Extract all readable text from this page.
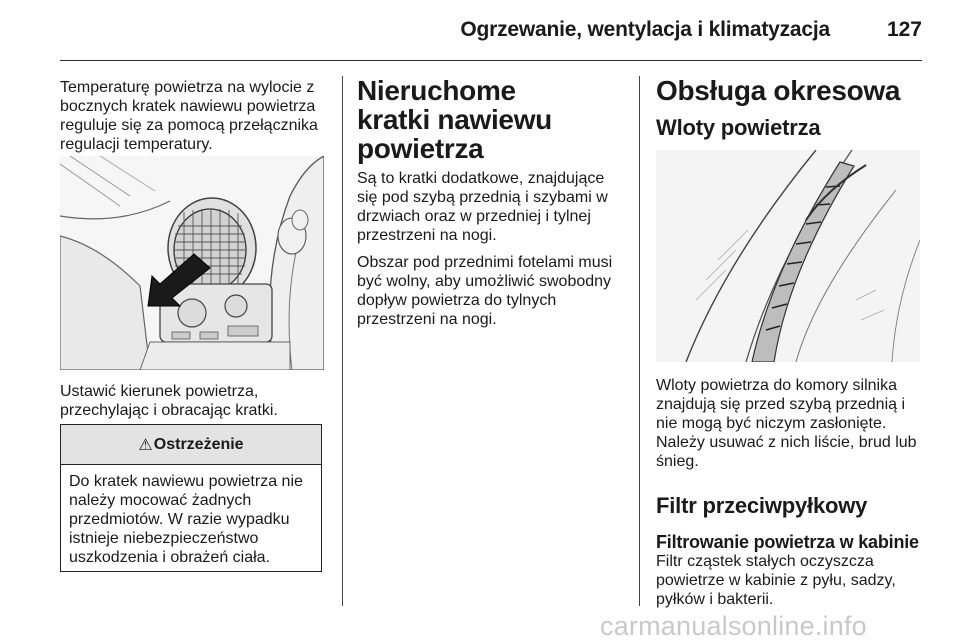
Ogrzewanie, wentylacja i klimatyzacja	127

Temperaturę powietrza na wylocie z bocznych kratek nawiewu powietrza reguluje się za pomocą przełącznika regulacji temperatury.

Ustawić kierunek powietrza, przechylając i obracając kratki.

⚠ Ostrzeżenie
Do kratek nawiewu powietrza nie należy mocować żadnych przedmiotów. W razie wypadku istnieje niebezpieczeństwo uszkodzenia i obrażeń ciała.
Nieruchome kratki nawiewu powietrza

Są to kratki dodatkowe, znajdujące się pod szybą przednią i szybami w drzwiach oraz w przedniej i tylnej przestrzeni na nogi.

Obszar pod przednimi fotelami musi być wolny, aby umożliwić swobodny dopływ powietrza do tylnych przestrzeni na nogi.

Obsługa okresowa
Wloty powietrza

Wloty powietrza do komory silnika znajdują się przed szybą przednią i nie mogą być niczym zasłonięte. Należy usuwać z nich liście, brud lub śnieg.

Filtr przeciwpyłkowy
Filtrowanie powietrza w kabinie

Filtr cząstek stałych oczyszcza powietrze w kabinie z pyłu, sadzy, pyłków i bakterii.

carmanualsonline.info
